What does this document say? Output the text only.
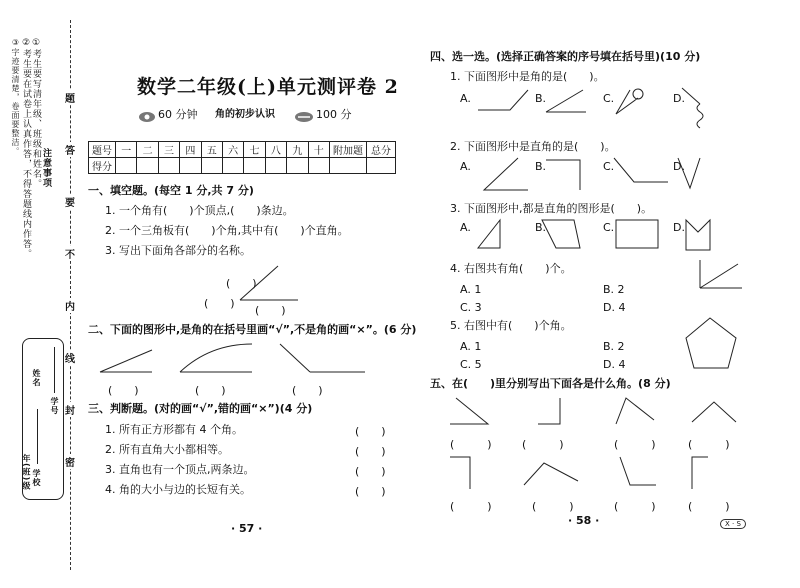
注意事项
①考生要写清年级、班级和姓名。
②考生要在试卷上认真作答，不得答题线内作答。
③字迹要清楚，卷面要整洁。	题
答
要
不
内
线
封
密
学校
年(班)级
学号
姓名
数学二年级(上)单元测评卷 2
60 分钟 角的初步认识	100 分
题号	一	二	三	四	五	六	七	八	九	十	附加题	总分
得分												
一、填空题。(每空 1 分,共 7 分)
1. 一个角有(　　)个顶点,(　　)条边。
2. 一个三角板有(　　)个角,其中有(　　)个直角。
3. 写出下面角各部分的名称。
(　　)
(　　)
(　　)
二、下面的图形中,是角的在括号里画“√”,不是角的画“×”。(6 分)
(　　)	(　　)	(　　)
三、判断题。(对的画“√”,错的画“×”)(4 分)
1. 所有正方形都有 4 个角。	(　　)
2. 所有直角大小都相等。	(　　)
3. 直角也有一个顶点,两条边。	(　　)
4. 角的大小与边的长短有关。	(　　)
· 57 ·
四、选一选。(选择正确答案的序号填在括号里)(10 分)
1. 下面图形中是角的是(　　)。
A.	B.	C.	D.
2. 下面图形中是直角的是(　　)。
A.	B.	C.	D.
3. 下面图形中,都是直角的图形是(　　)。
A.	B.	C.	D.
4. 右图共有角(　　)个。
A. 1	B. 2
C. 3	D. 4
5. 右图中有(　　)个角。
A. 1	B. 2
C. 5	D. 4
五、在(　　)里分别写出下面各是什么角。(8 分)
(　　　)	(　　　)	(　　　)	(　　　)
(　　　)	(　　　)	(　　　)	(　　　)
· 58 ·	X · S
